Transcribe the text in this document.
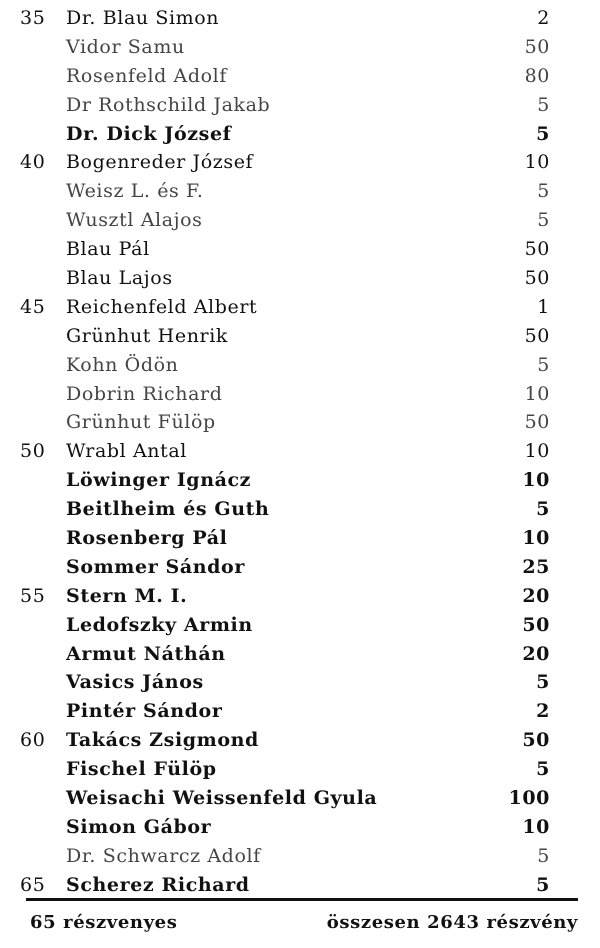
35	Dr. Blau Simon	2
Vidor Samu	50
Rosenfeld Adolf	80
Dr Rothschild Jakab	5
Dr. Dick József	5
40	Bogenreder József	10
Weisz L. és F.	5
Wusztl Alajos	5
Blau Pál	50
Blau Lajos	50
45	Reichenfeld Albert	1
Grünhut Henrik	50
Kohn Ödön	5
Dobrin Richard	10
Grünhut Fülöp	50
50	Wrabl Antal	10
Löwinger Ignácz	10
Beitlheim és Guth	5
Rosenberg Pál	10
Sommer Sándor	25
55	Stern M. I.	20
Ledofszky Armin	50
Armut Náthán	20
Vasics János	5
Pintér Sándor	2
60	Takács Zsigmond	50
Fischel Fülöp	5
Weisachi Weissenfeld Gyula	100
Simon Gábor	10
Dr. Schwarcz Adolf	5
65	Scherez Richard	5
65 részvenyes	összesen 2643 részvény
